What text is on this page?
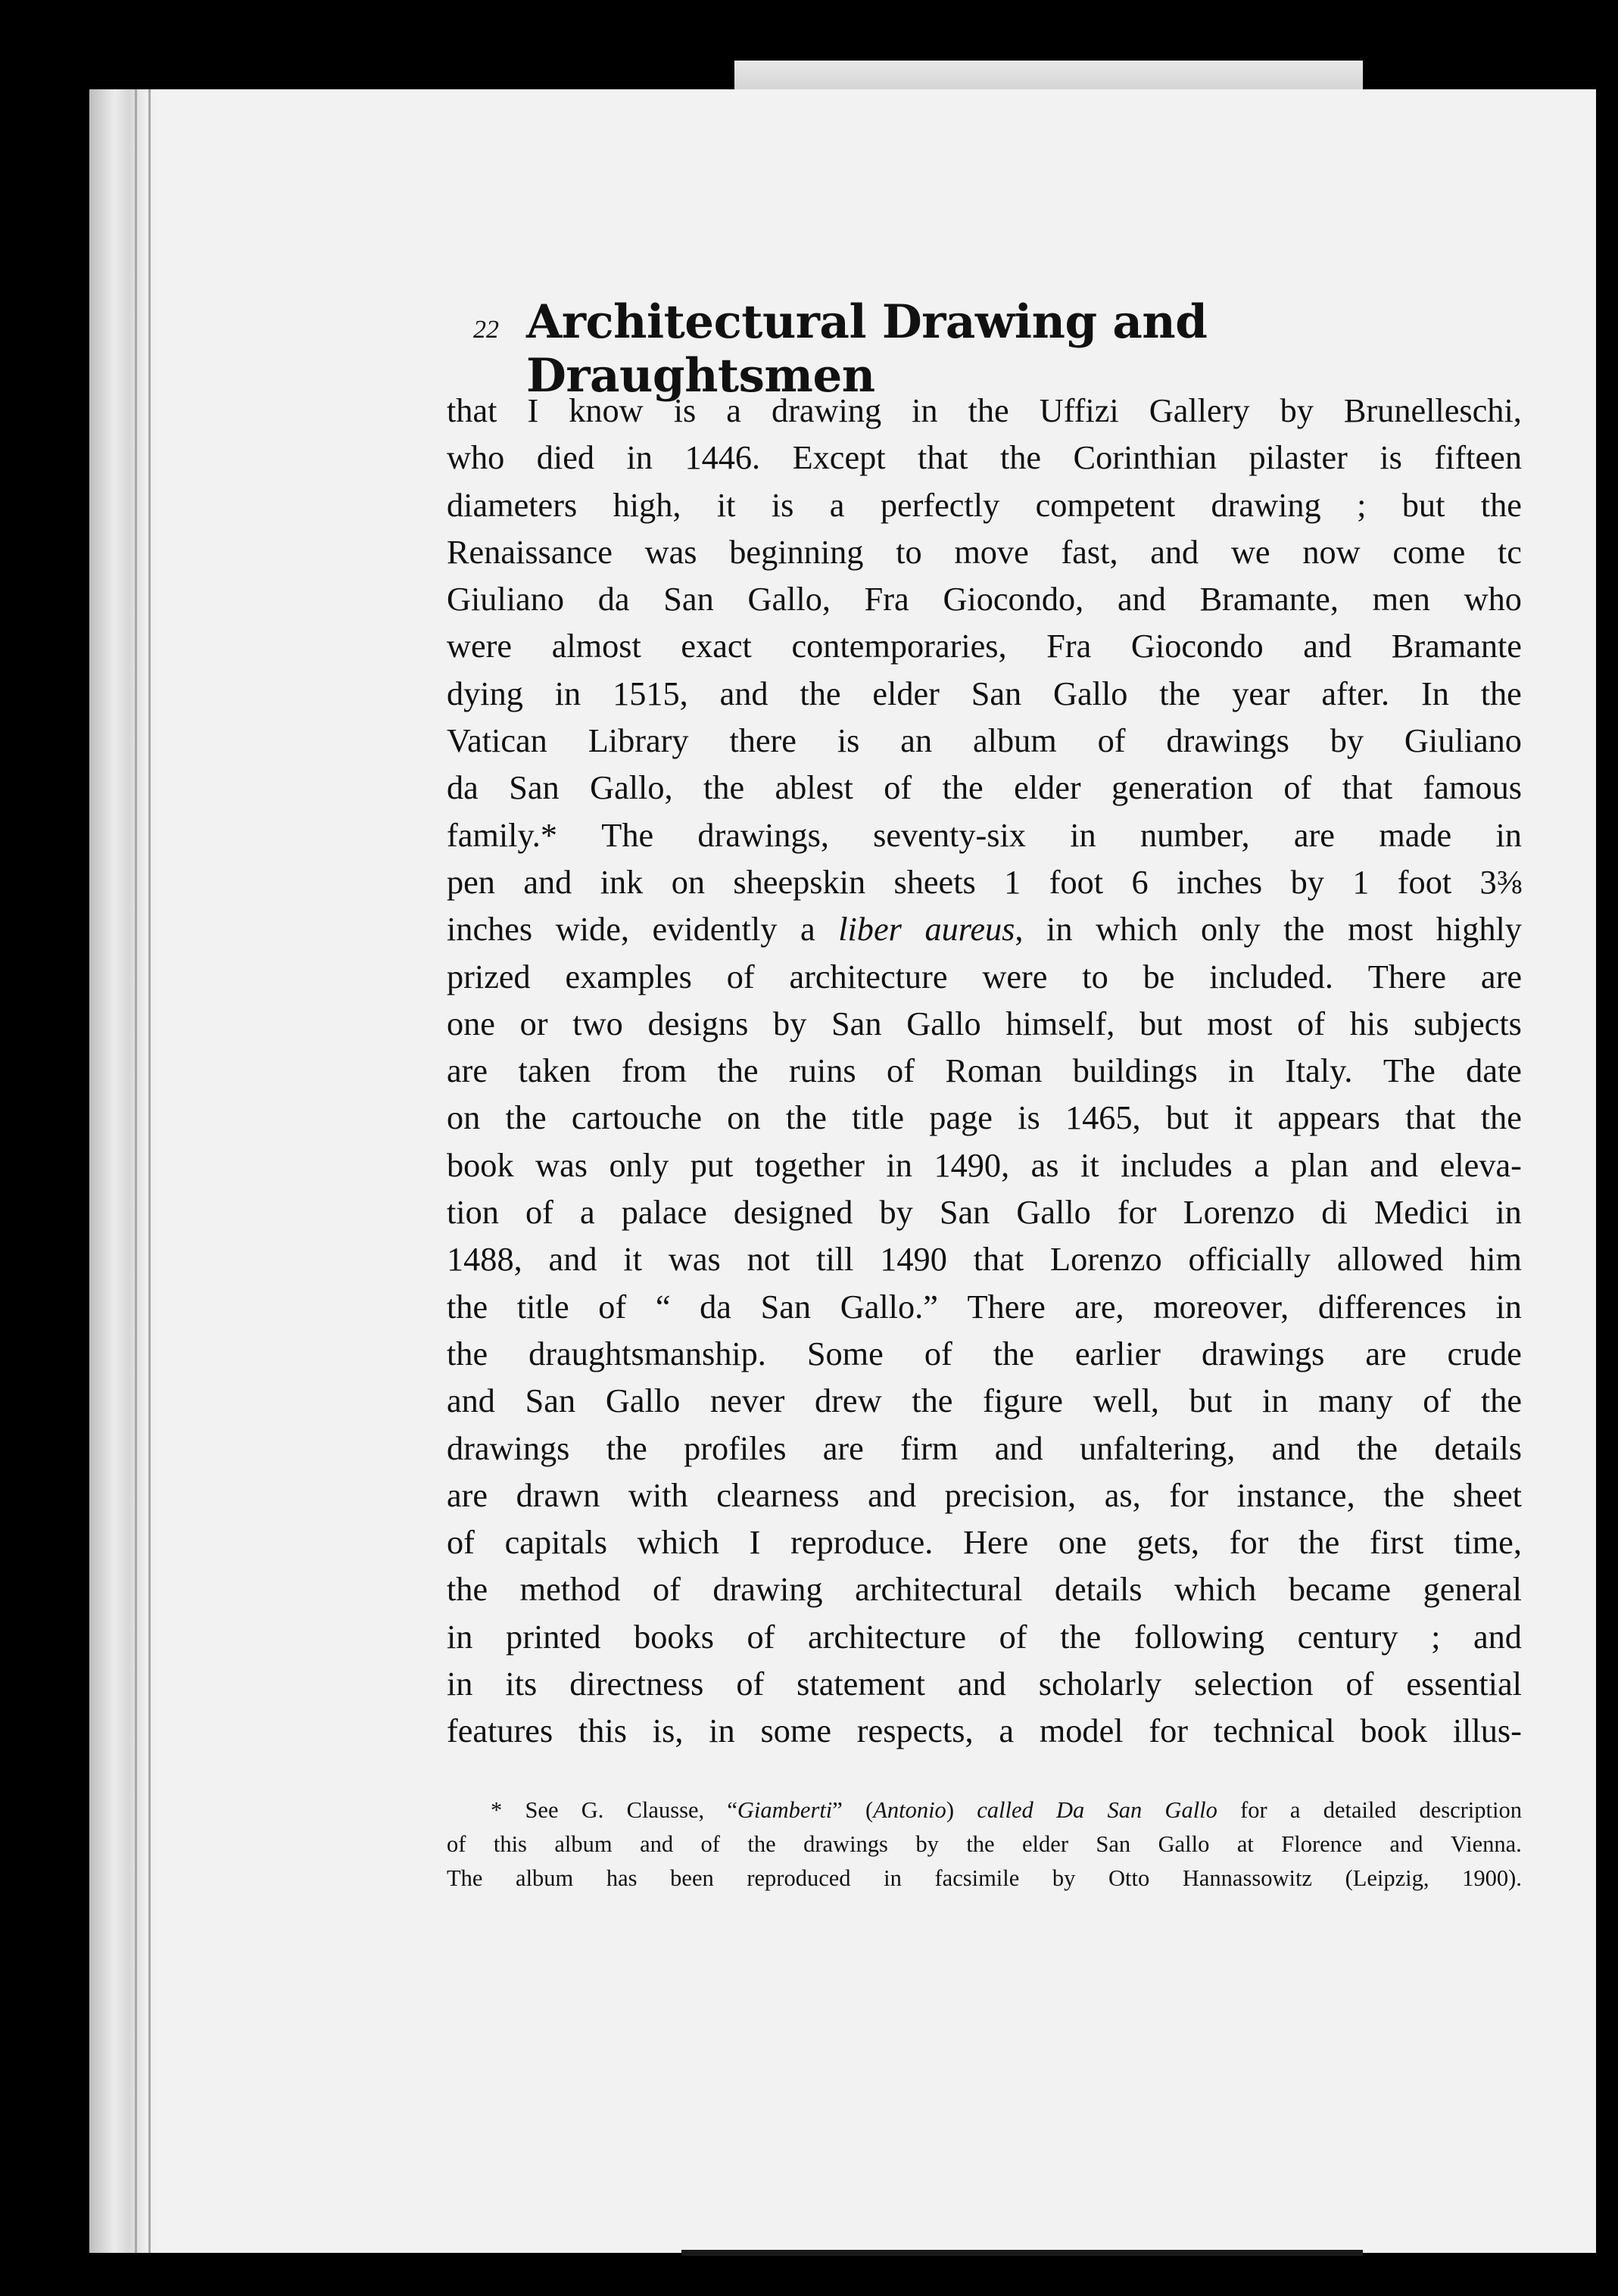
22 Architectural Drawing and Draughtsmen
that I know is a drawing in the Uffizi Gallery by Brunelleschi,
who died in 1446. Except that the Corinthian pilaster is fifteen
diameters high, it is a perfectly competent drawing ; but the
Renaissance was beginning to move fast, and we now come tc
Giuliano da San Gallo, Fra Giocondo, and Bramante, men who
were almost exact contemporaries, Fra Giocondo and Bramante
dying in 1515, and the elder San Gallo the year after. In the
Vatican Library there is an album of drawings by Giuliano
da San Gallo, the ablest of the elder generation of that famous
family.* The drawings, seventy-six in number, are made in
pen and ink on sheepskin sheets 1 foot 6 inches by 1 foot 3⅜
inches wide, evidently a liber aureus, in which only the most highly
prized examples of architecture were to be included. There are
one or two designs by San Gallo himself, but most of his subjects
are taken from the ruins of Roman buildings in Italy. The date
on the cartouche on the title page is 1465, but it appears that the
book was only put together in 1490, as it includes a plan and eleva-
tion of a palace designed by San Gallo for Lorenzo di Medici in
1488, and it was not till 1490 that Lorenzo officially allowed him
the title of “ da San Gallo.” There are, moreover, differences in
the draughtsmanship. Some of the earlier drawings are crude
and San Gallo never drew the figure well, but in many of the
drawings the profiles are firm and unfaltering, and the details
are drawn with clearness and precision, as, for instance, the sheet
of capitals which I reproduce. Here one gets, for the first time,
the method of drawing architectural details which became general
in printed books of architecture of the following century ; and
in its directness of statement and scholarly selection of essential
features this is, in some respects, a model for technical book illus-
* See G. Clausse, “Giamberti” (Antonio) called Da San Gallo for a detailed description
of this album and of the drawings by the elder San Gallo at Florence and Vienna.
The album has been reproduced in facsimile by Otto Hannassowitz (Leipzig, 1900).
